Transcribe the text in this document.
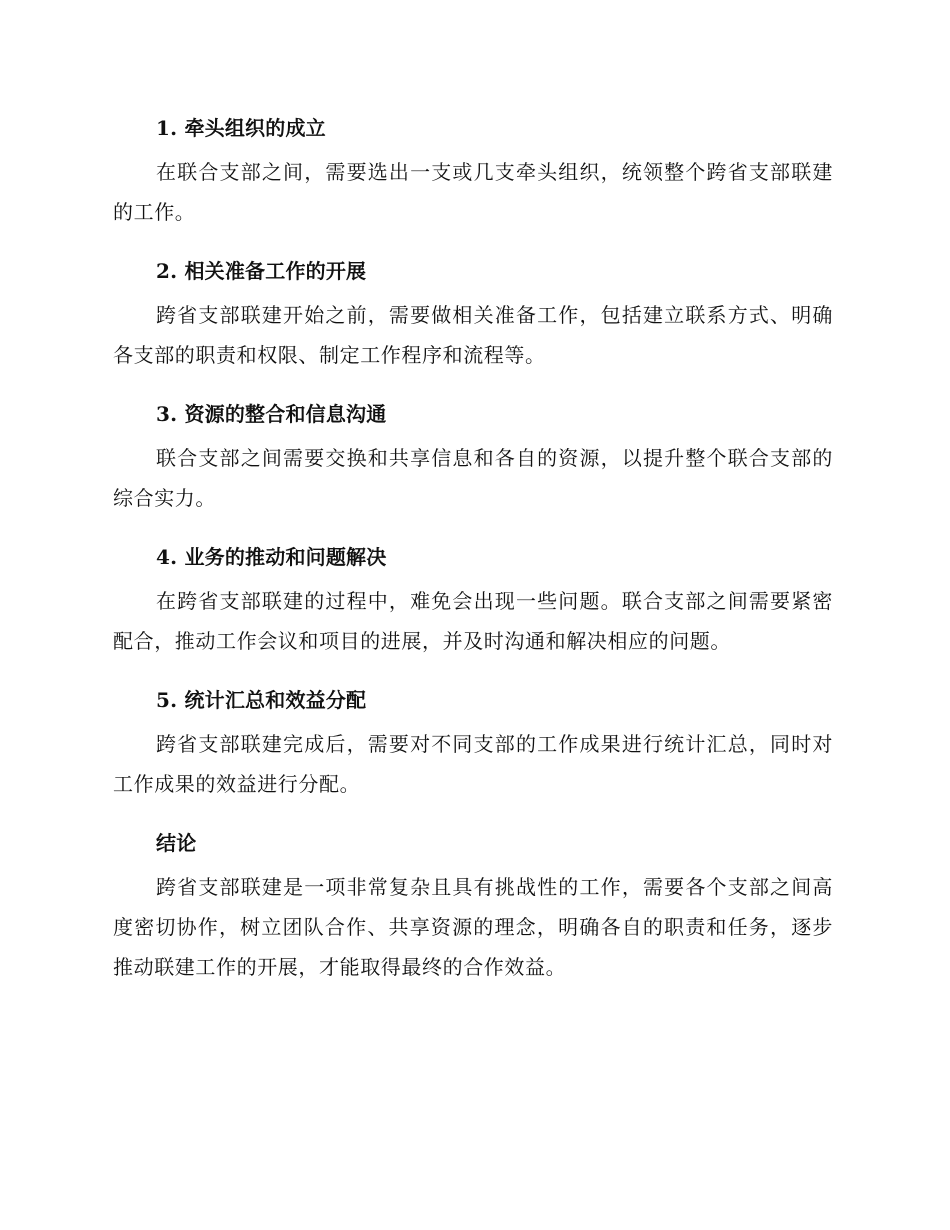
1. 牵头组织的成立

在联合支部之间，需要选出一支或几支牵头组织，统领整个跨省支部联建的工作。

2. 相关准备工作的开展

跨省支部联建开始之前，需要做相关准备工作，包括建立联系方式、明确各支部的职责和权限、制定工作程序和流程等。

3. 资源的整合和信息沟通

联合支部之间需要交换和共享信息和各自的资源，以提升整个联合支部的综合实力。

4. 业务的推动和问题解决

在跨省支部联建的过程中，难免会出现一些问题。联合支部之间需要紧密配合，推动工作会议和项目的进展，并及时沟通和解决相应的问题。

5. 统计汇总和效益分配

跨省支部联建完成后，需要对不同支部的工作成果进行统计汇总，同时对工作成果的效益进行分配。

结论

跨省支部联建是一项非常复杂且具有挑战性的工作，需要各个支部之间高度密切协作，树立团队合作、共享资源的理念，明确各自的职责和任务，逐步推动联建工作的开展，才能取得最终的合作效益。
